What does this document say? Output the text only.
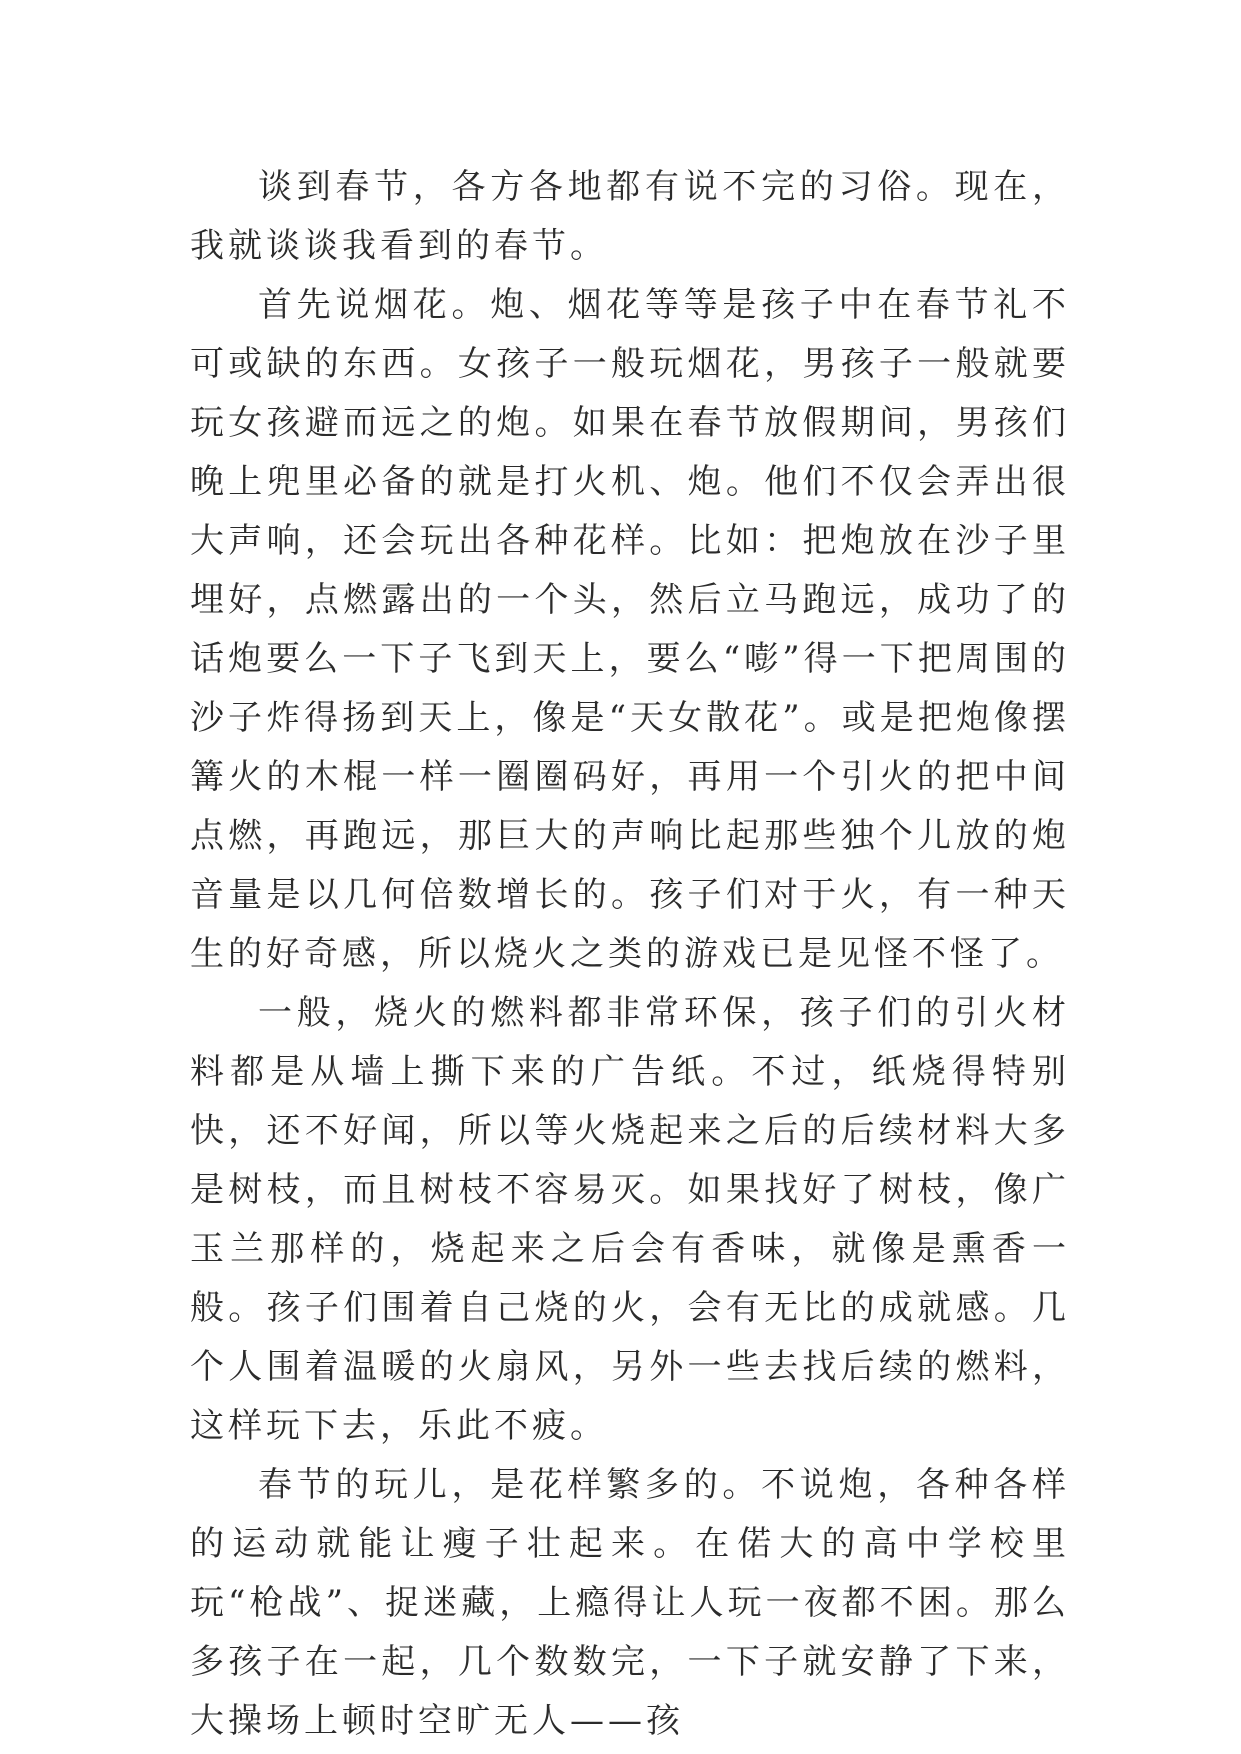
谈到春节，各方各地都有说不完的习俗。现在，我就谈谈我看到的春节。

首先说烟花。炮、烟花等等是孩子中在春节礼不可或缺的东西。女孩子一般玩烟花，男孩子一般就要玩女孩避而远之的炮。如果在春节放假期间，男孩们晚上兜里必备的就是打火机、炮。他们不仅会弄出很大声响，还会玩出各种花样。比如：把炮放在沙子里埋好，点燃露出的一个头，然后立马跑远，成功了的话炮要么一下子飞到天上，要么“嘭”得一下把周围的沙子炸得扬到天上，像是“天女散花”。或是把炮像摆篝火的木棍一样一圈圈码好，再用一个引火的把中间点燃，再跑远，那巨大的声响比起那些独个儿放的炮音量是以几何倍数增长的。孩子们对于火，有一种天生的好奇感，所以烧火之类的游戏已是见怪不怪了。

一般，烧火的燃料都非常环保，孩子们的引火材料都是从墙上撕下来的广告纸。不过，纸烧得特别快，还不好闻，所以等火烧起来之后的后续材料大多是树枝，而且树枝不容易灭。如果找好了树枝，像广玉兰那样的，烧起来之后会有香味，就像是熏香一般。孩子们围着自己烧的火，会有无比的成就感。几个人围着温暖的火扇风，另外一些去找后续的燃料，这样玩下去，乐此不疲。

春节的玩儿，是花样繁多的。不说炮，各种各样的运动就能让瘦子壮起来。在偌大的高中学校里玩“枪战”、捉迷藏，上瘾得让人玩一夜都不困。那么多孩子在一起，几个数数完，一下子就安静了下来，大操场上顿时空旷无人——孩
